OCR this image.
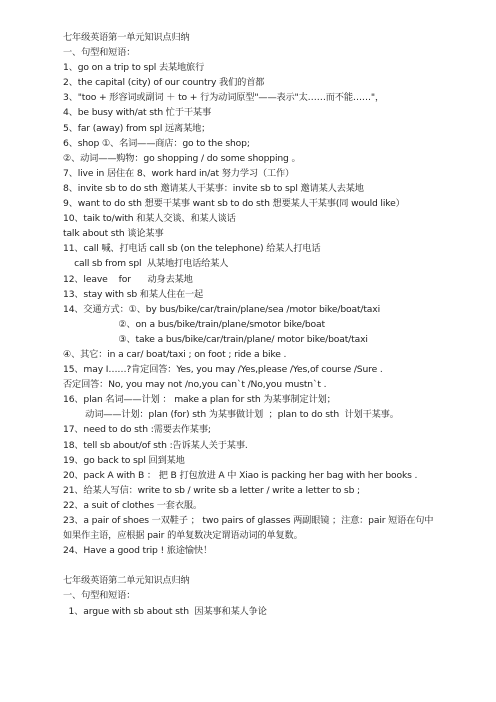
七年级英语第一单元知识点归纳
一、句型和短语：
1、go on a trip to spl 去某地旅行
2、the capital (city) of our country 我们的首都
3、"too + 形容词或副词 ＋ to + 行为动词原型"——表示"太……而不能……"，
4、be busy with/at sth 忙于干某事
5、far (away) from spl 远离某地；
6、shop ①、名词——商店：go to the shop;
②、动词——购物：go shopping / do some shopping 。
7、live in 居住在 8、work hard in/at 努力学习（工作）
8、invite sb to do sth 邀请某人干某事：invite sb to spl 邀请某人去某地
9、want to do sth 想要干某事 want sb to do sth 想要某人干某事(同 would like）
10、taik to/with 和某人交谈、和某人谈话
talk about sth 谈论某事
11、call 喊、打电话 call sb (on the telephone) 给某人打电话
call sb from spl  从某地打电话给某人
12、leave    for      动身去某地
13、stay with sb 和某人住在一起
14、交通方式：①、by bus/bike/car/train/plane/sea /motor bike/boat/taxi
②、on a bus/bike/train/plane/smotor bike/boat
③、take a bus/bike/car/train/plane/ motor bike/boat/taxi
④、其它：in a car/ boat/taxi ; on foot ; ride a bike .
15、may I……?肯定回答：Yes, you may /Yes,please /Yes,of course /Sure .
否定回答：No, you may not /no,you can`t /No,you mustn`t .
16、plan 名词——计划 ： make a plan for sth 为某事制定计划；
动词——计划：plan (for) sth 为某事做计划  ；plan to do sth  计划干某事。
17、need to do sth :需要去作某事;
18、tell sb about/of sth :告诉某人关于某事.
19、go back to spl 回到某地
20、pack A with B ： 把 B 打包放进 A 中 Xiao is packing her bag with her books .
21、给某人写信：write to sb / write sb a letter / write a letter to sb ;
22、a suit of clothes 一套衣服。
23、a pair of shoes 一双鞋子 ； two pairs of glasses 两副眼镜 ；注意：pair 短语在句中如果作主语，应根据 pair 的单复数决定谓语动词的单复数。
24、Have a good trip ! 旅途愉快！
七年级英语第二单元知识点归纳
一、句型和短语：
1、argue with sb about sth  因某事和某人争论
